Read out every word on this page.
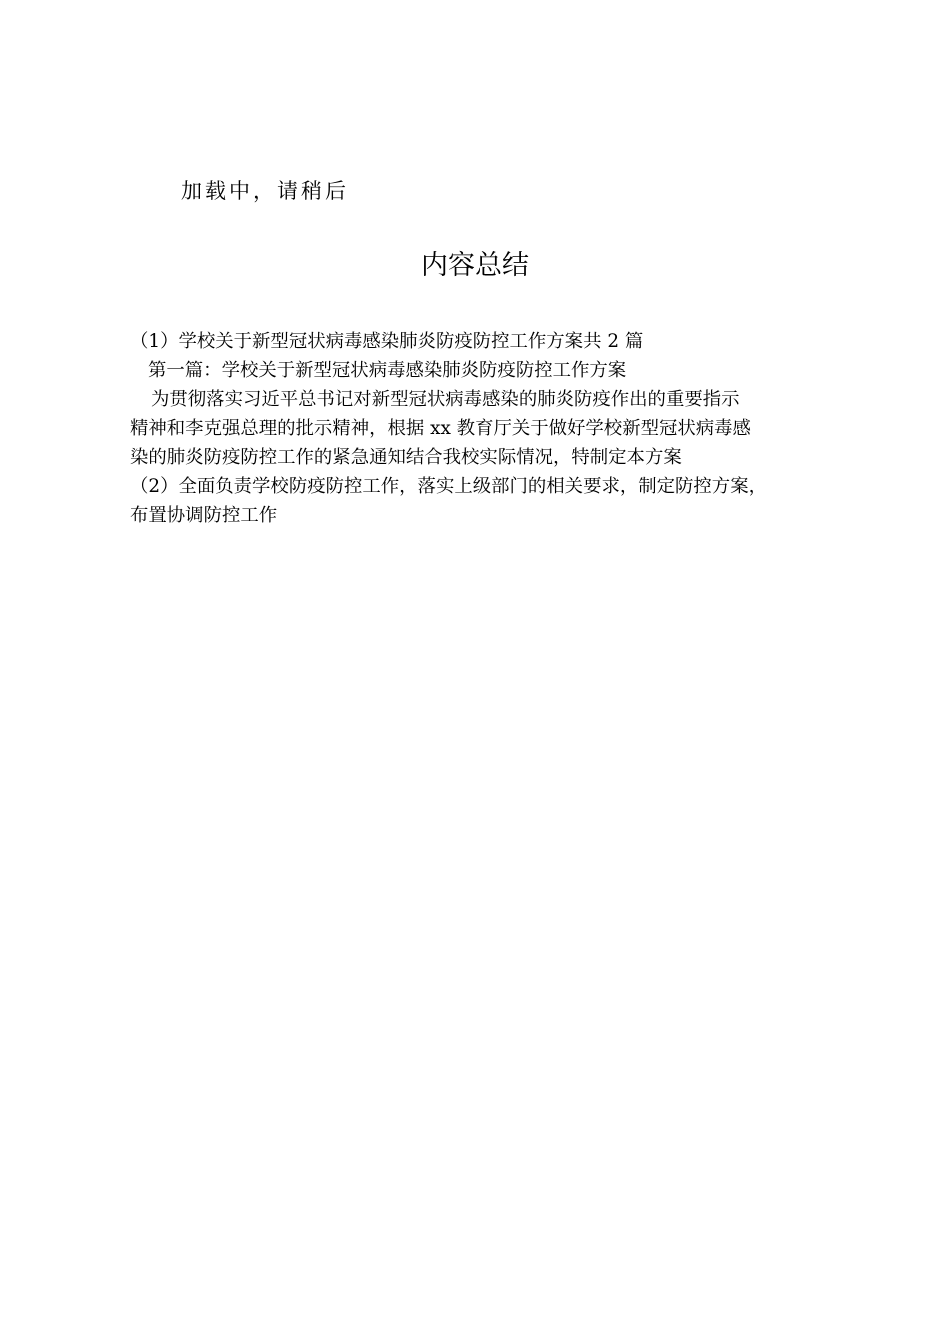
加载中，请稍后
内容总结
（1）学校关于新型冠状病毒感染肺炎防疫防控工作方案共 2 篇
第一篇：学校关于新型冠状病毒感染肺炎防疫防控工作方案
为贯彻落实习近平总书记对新型冠状病毒感染的肺炎防疫作出的重要指示
精神和李克强总理的批示精神，根据 xx 教育厅关于做好学校新型冠状病毒感
染的肺炎防疫防控工作的紧急通知结合我校实际情况，特制定本方案
（2）全面负责学校防疫防控工作，落实上级部门的相关要求，制定防控方案，
布置协调防控工作
